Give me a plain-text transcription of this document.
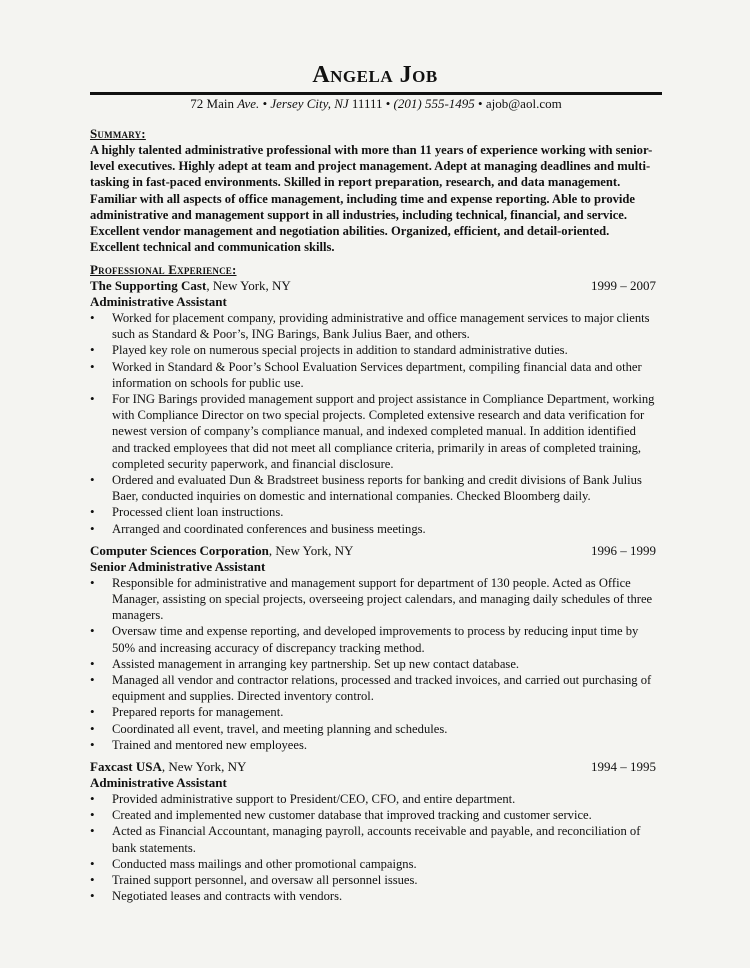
Angela Job
72 Main Ave. • Jersey City, NJ 11111 • (201) 555-1495 • ajob@aol.com
Summary:

A highly talented administrative professional with more than 11 years of experience working with senior-level executives. Highly adept at team and project management. Adept at managing deadlines and multi-tasking in fast-paced environments. Skilled in report preparation, research, and data management. Familiar with all aspects of office management, including time and expense reporting. Able to provide administrative and management support in all industries, including technical, financial, and service. Excellent vendor management and negotiation abilities. Organized, efficient, and detail-oriented. Excellent technical and communication skills.

Professional Experience:
The Supporting Cast, New York, NY	1999 – 2007
Administrative Assistant
• Worked for placement company, providing administrative and office management services to major clients such as Standard & Poor’s, ING Barings, Bank Julius Baer, and others.
• Played key role on numerous special projects in addition to standard administrative duties.
• Worked in Standard & Poor’s School Evaluation Services department, compiling financial data and other information on schools for public use.
• For ING Barings provided management support and project assistance in Compliance Department, working with Compliance Director on two special projects. Completed extensive research and data verification for newest version of company’s compliance manual, and indexed completed manual. In addition identified and tracked employees that did not meet all compliance criteria, primarily in areas of completed training, completed security paperwork, and financial disclosure.
• Ordered and evaluated Dun & Bradstreet business reports for banking and credit divisions of Bank Julius Baer, conducted inquiries on domestic and international companies. Checked Bloomberg daily.
• Processed client loan instructions.
• Arranged and coordinated conferences and business meetings.
Computer Sciences Corporation, New York, NY	1996 – 1999
Senior Administrative Assistant
• Responsible for administrative and management support for department of 130 people. Acted as Office Manager, assisting on special projects, overseeing project calendars, and managing daily schedules of three managers.
• Oversaw time and expense reporting, and developed improvements to process by reducing input time by 50% and increasing accuracy of discrepancy tracking method.
• Assisted management in arranging key partnership. Set up new contact database.
• Managed all vendor and contractor relations, processed and tracked invoices, and carried out purchasing of equipment and supplies. Directed inventory control.
• Prepared reports for management.
• Coordinated all event, travel, and meeting planning and schedules.
• Trained and mentored new employees.
Faxcast USA, New York, NY	1994 – 1995
Administrative Assistant
• Provided administrative support to President/CEO, CFO, and entire department.
• Created and implemented new customer database that improved tracking and customer service.
• Acted as Financial Accountant, managing payroll, accounts receivable and payable, and reconciliation of bank statements.
• Conducted mass mailings and other promotional campaigns.
• Trained support personnel, and oversaw all personnel issues.
• Negotiated leases and contracts with vendors.
